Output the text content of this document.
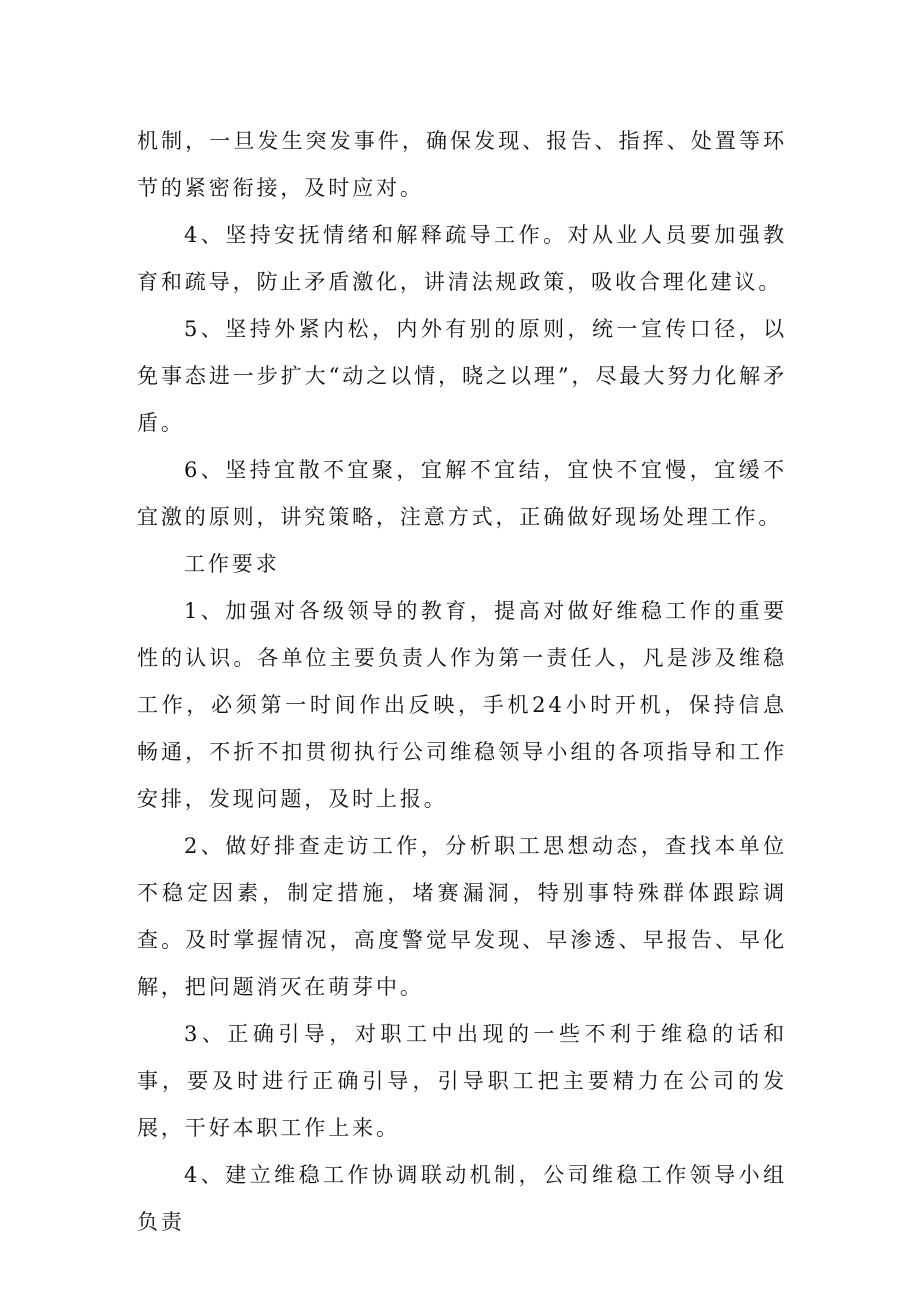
机制，一旦发生突发事件，确保发现、报告、指挥、处置等环节的紧密衔接，及时应对。

4、坚持安抚情绪和解释疏导工作。对从业人员要加强教育和疏导，防止矛盾激化，讲清法规政策，吸收合理化建议。

5、坚持外紧内松，内外有别的原则，统一宣传口径，以免事态进一步扩大“动之以情，晓之以理”，尽最大努力化解矛盾。

6、坚持宜散不宜聚，宜解不宜结，宜快不宜慢，宜缓不宜激的原则，讲究策略，注意方式，正确做好现场处理工作。

工作要求

1、加强对各级领导的教育，提高对做好维稳工作的重要性的认识。各单位主要负责人作为第一责任人，凡是涉及维稳工作，必须第一时间作出反映，手机24小时开机，保持信息畅通，不折不扣贯彻执行公司维稳领导小组的各项指导和工作安排，发现问题，及时上报。

2、做好排查走访工作，分析职工思想动态，查找本单位不稳定因素，制定措施，堵赛漏洞，特别事特殊群体跟踪调查。及时掌握情况，高度警觉早发现、早渗透、早报告、早化解，把问题消灭在萌芽中。

3、正确引导，对职工中出现的一些不利于维稳的话和事，要及时进行正确引导，引导职工把主要精力在公司的发展，干好本职工作上来。

4、建立维稳工作协调联动机制，公司维稳工作领导小组负责
